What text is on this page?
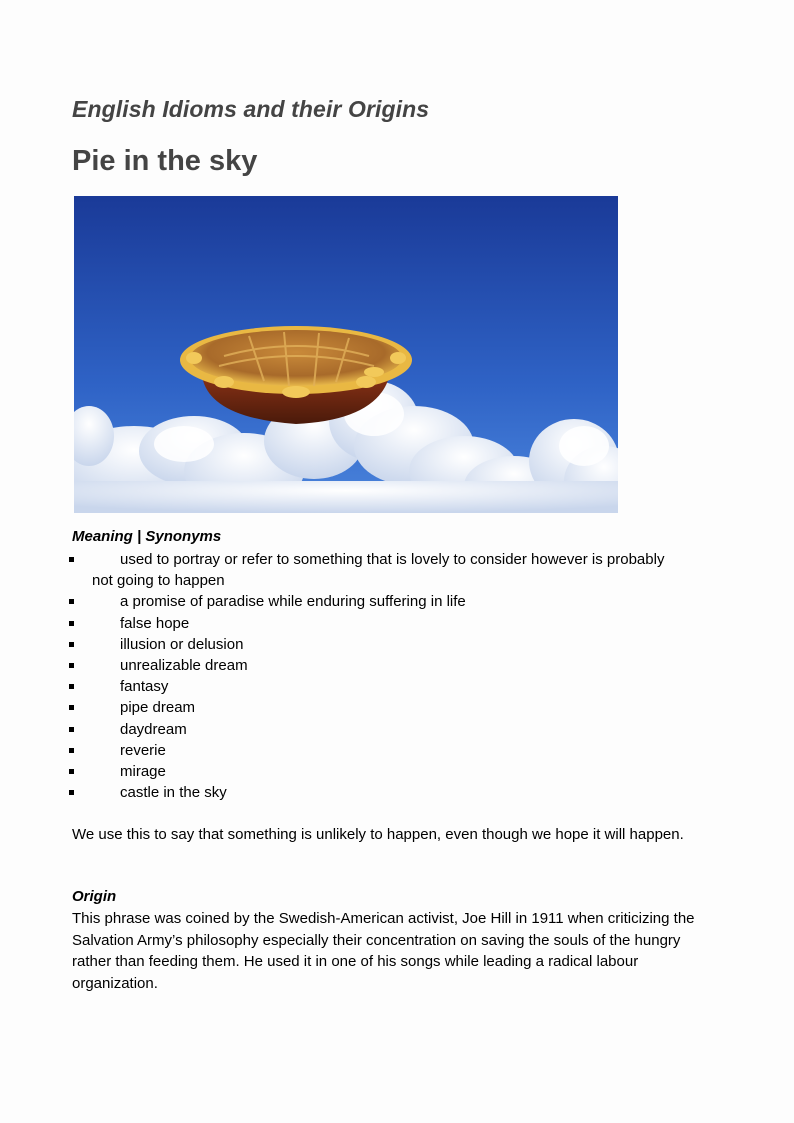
English Idioms and their Origins
Pie in the sky

Meaning | Synonyms

used to portray or refer to something that is lovely to consider however is probably
not going to happen
a promise of paradise while enduring suffering in life
false hope
illusion or delusion
unrealizable dream
fantasy
pipe dream
daydream
reverie
mirage
castle in the sky

We use this to say that something is unlikely to happen, even though we hope it will happen.

Origin

This phrase was coined by the Swedish-American activist, Joe Hill in 1911 when criticizing the Salvation Army’s philosophy especially their concentration on saving the souls of the hungry rather than feeding them. He used it in one of his songs while leading a radical labour organization.
